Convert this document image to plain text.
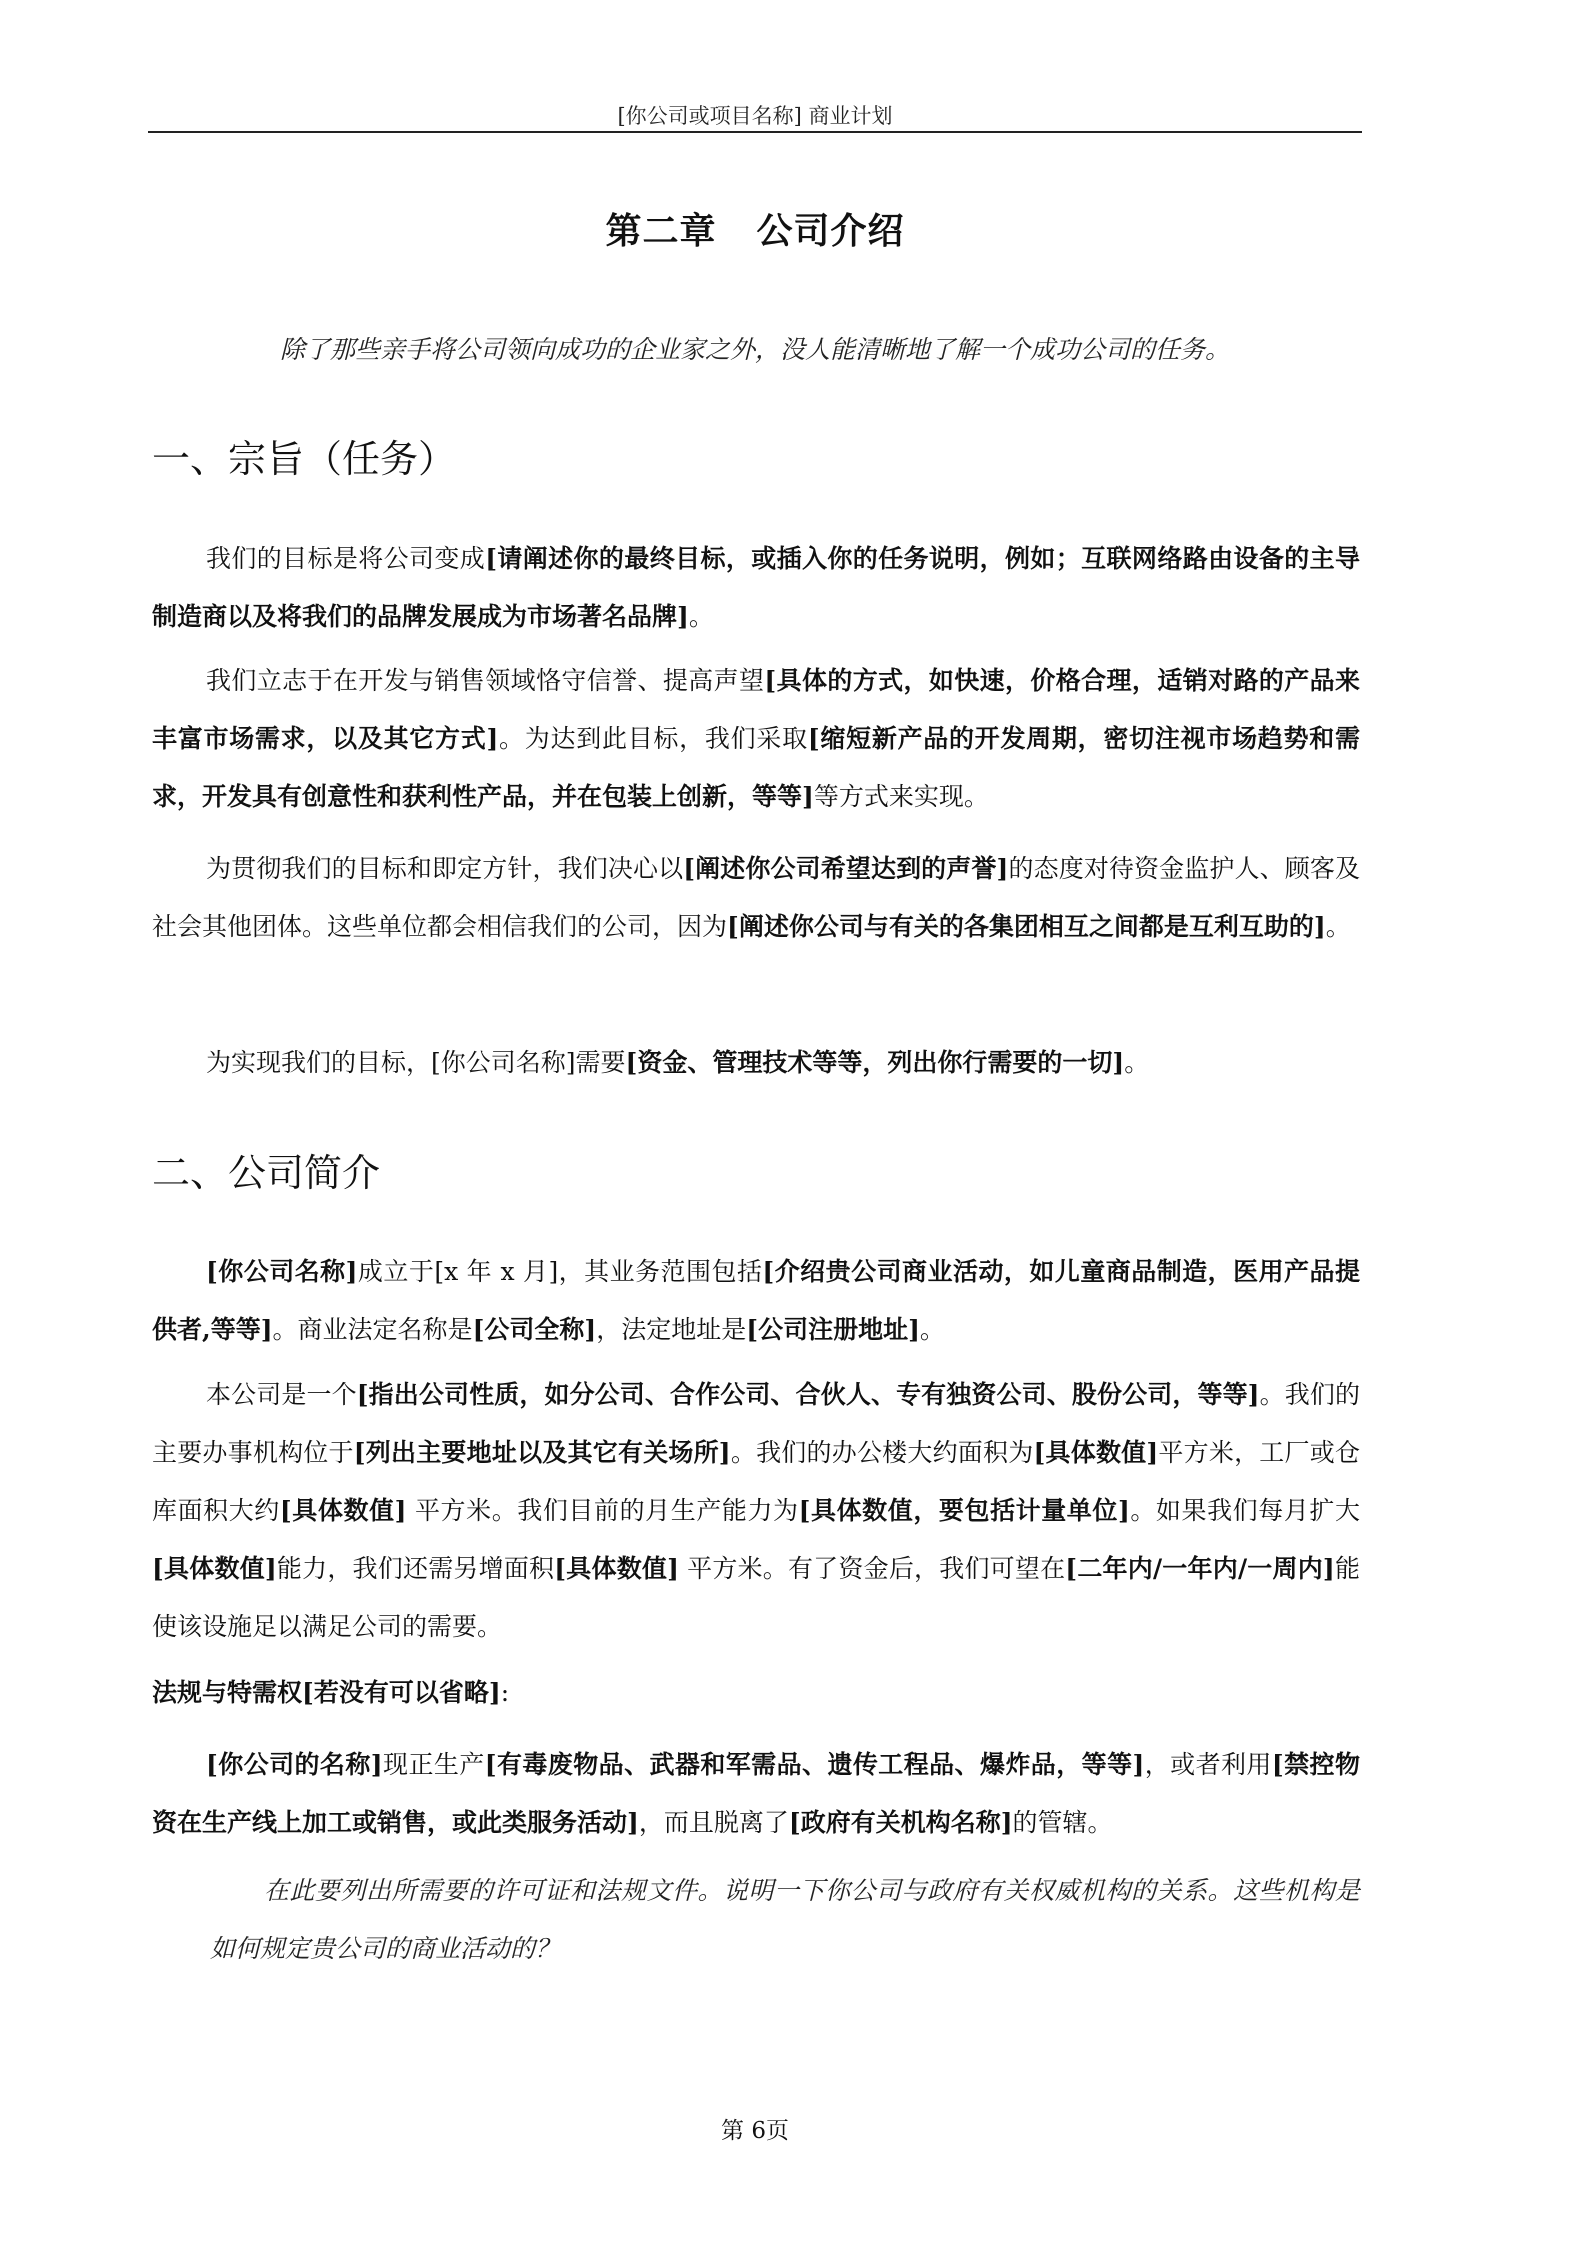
[你公司或项目名称] 商业计划
第二章 公司介绍
除了那些亲手将公司领向成功的企业家之外，没人能清晰地了解一个成功公司的任务。
一、宗旨（任务）

我们的目标是将公司变成[请阐述你的最终目标，或插入你的任务说明，例如；互联网络路由设备的主导制造商以及将我们的品牌发展成为市场著名品牌]。

我们立志于在开发与销售领域恪守信誉、提高声望[具体的方式，如快速，价格合理，适销对路的产品来丰富市场需求，以及其它方式]。为达到此目标，我们采取[缩短新产品的开发周期，密切注视市场趋势和需求，开发具有创意性和获利性产品，并在包装上创新，等等]等方式来实现。

为贯彻我们的目标和即定方针，我们决心以[阐述你公司希望达到的声誉]的态度对待资金监护人、顾客及社会其他团体。这些单位都会相信我们的公司，因为[阐述你公司与有关的各集团相互之间都是互利互助的]。

为实现我们的目标，[你公司名称]需要[资金、管理技术等等，列出你行需要的一切]。

二、公司简介

[你公司名称]成立于[x 年 x 月]，其业务范围包括[介绍贵公司商业活动，如儿童商品制造，医用产品提供者,等等]。商业法定名称是[公司全称]，法定地址是[公司注册地址]。

本公司是一个[指出公司性质，如分公司、合作公司、合伙人、专有独资公司、股份公司，等等]。我们的主要办事机构位于[列出主要地址以及其它有关场所]。我们的办公楼大约面积为[具体数值]平方米，工厂或仓库面积大约[具体数值] 平方米。我们目前的月生产能力为[具体数值，要包括计量单位]。如果我们每月扩大[具体数值]能力，我们还需另增面积[具体数值] 平方米。有了资金后，我们可望在[二年内/一年内/一周内]能使该设施足以满足公司的需要。

法规与特需权[若没有可以省略]:

[你公司的名称]现正生产[有毒废物品、武器和军需品、遗传工程品、爆炸品，等等]，或者利用[禁控物资在生产线上加工或销售，或此类服务活动]，而且脱离了[政府有关机构名称]的管辖。

在此要列出所需要的许可证和法规文件。说明一下你公司与政府有关权威机构的关系。这些机构是如何规定贵公司的商业活动的？

第 6页
